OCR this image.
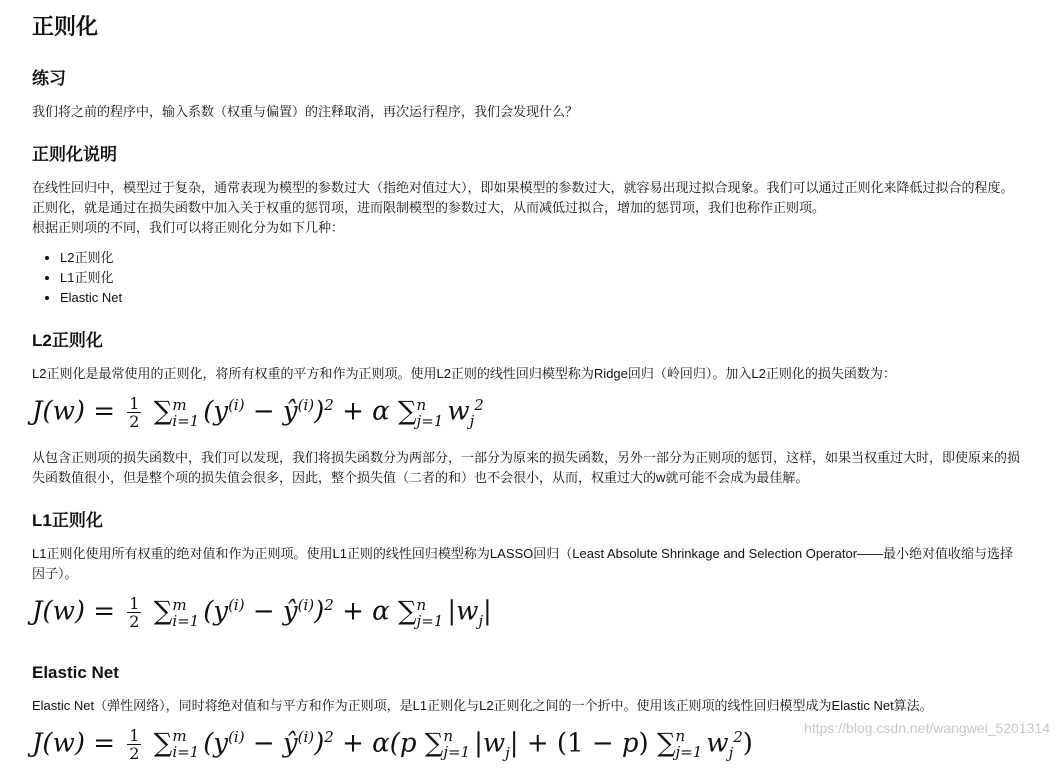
正则化
练习

我们将之前的程序中，输入系数（权重与偏置）的注释取消，再次运行程序，我们会发现什么？

正则化说明

在线性回归中，模型过于复杂，通常表现为模型的参数过大（指绝对值过大），即如果模型的参数过大，就容易出现过拟合现象。我们可以通过正则化来降低过拟合的程度。正则化，就是通过在损失函数中加入关于权重的惩罚项，进而限制模型的参数过大，从而减低过拟合，增加的惩罚项，我们也称作正则项。

根据正则项的不同，我们可以将正则化分为如下几种：

• L2正则化
• L1正则化
• Elastic Net
L2正则化

L2正则化是最常使用的正则化，将所有权重的平方和作为正则项。使用L2正则的线性回归模型称为Ridge回归（岭回归）。加入L2正则化的损失函数为：

$J(w) = \frac{1}{2}$ ∑ m
i=1 ($y^{(i)}$ − $ŷ^{(i)})^2 + \alpha$ ∑ n
j=1 $w_j^2$

从包含正则项的损失函数中，我们可以发现，我们将损失函数分为两部分，一部分为原来的损失函数，另外一部分为正则项的惩罚，这样，如果当权重过大时，即使原来的损失函数值很小，但是整个项的损失值会很多，因此，整个损失值（二者的和）也不会很小，从而，权重过大的w就可能不会成为最佳解。

L1正则化

L1正则化使用所有权重的绝对值和作为正则项。使用L1正则的线性回归模型称为LASSO回归（Least Absolute Shrinkage and Selection Operator——最小绝对值收缩与选择因子）。

$J(w) = \frac{1}{2}$ ∑ m
i=1 ($y^{(i)}$ − $ŷ^{(i)})^2 + \alpha$ ∑ n
j=1 $|w_j|$
Elastic Net

Elastic Net（弹性网络），同时将绝对值和与平方和作为正则项，是L1正则化与L2正则化之间的一个折中。使用该正则项的线性回归模型成为Elastic Net算法。

$J(w) = \frac{1}{2}$ ∑ m
i=1 ($y^{(i)}$ − $ŷ^{(i)})^2 + \alpha(p$ ∑ n
j=1 $|w_j| + (1 - p)$ ∑ n
j=1 $w_j^2$)
https://blog.csdn.net/wangwei_5201314
